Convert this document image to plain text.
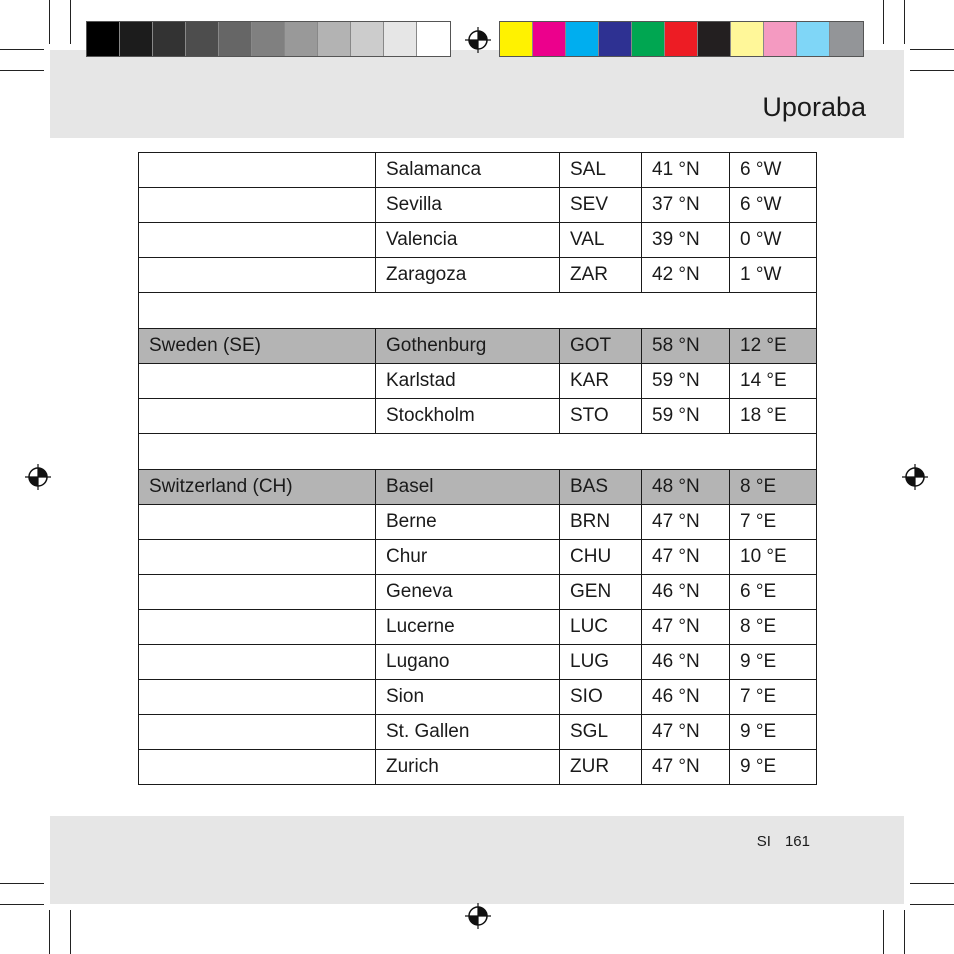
Uporaba
SI 161
	Salamanca	SAL	41 °N	6 °W
	Sevilla	SEV	37 °N	6 °W
	Valencia	VAL	39 °N	0 °W
	Zaragoza	ZAR	42 °N	1 °W

Sweden (SE)	Gothenburg	GOT	58 °N	12 °E
	Karlstad	KAR	59 °N	14 °E
	Stockholm	STO	59 °N	18 °E

Switzerland (CH)	Basel	BAS	48 °N	8 °E
	Berne	BRN	47 °N	7 °E
	Chur	CHU	47 °N	10 °E
	Geneva	GEN	46 °N	6 °E
	Lucerne	LUC	47 °N	8 °E
	Lugano	LUG	46 °N	9 °E
	Sion	SIO	46 °N	7 °E
	St. Gallen	SGL	47 °N	9 °E
	Zurich	ZUR	47 °N	9 °E
